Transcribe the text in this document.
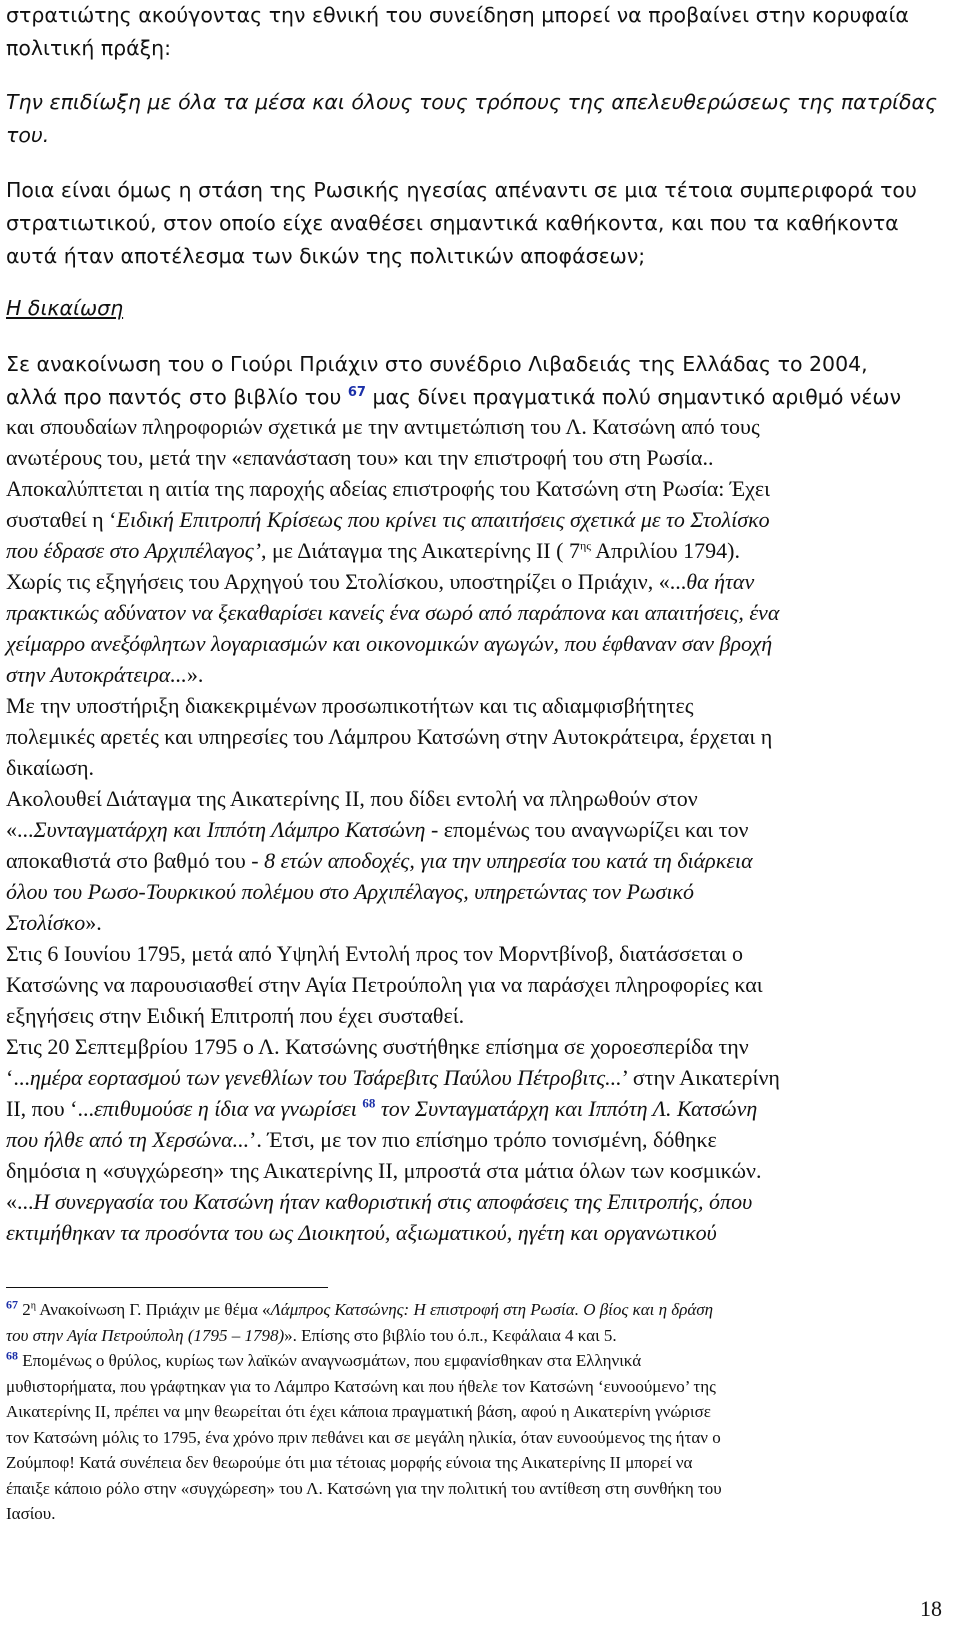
στρατιώτης ακούγοντας την εθνική του συνείδηση μπορεί να προβαίνει στην κορυφαία
πολιτική πράξη:
Την επιδίωξη με όλα τα μέσα και όλους τους τρόπους της απελευθερώσεως της πατρίδας
του.
Ποια είναι όμως η στάση της Ρωσικής ηγεσίας απέναντι σε μια τέτοια συμπεριφορά του
στρατιωτικού, στον οποίο είχε αναθέσει σημαντικά καθήκοντα, και που τα καθήκοντα
αυτά ήταν αποτέλεσμα των δικών της πολιτικών αποφάσεων;
Η δικαίωση
Σε ανακοίνωση του ο Γιούρι Πριάχιν στο συνέδριο Λιβαδειάς της Ελλάδας το 2004,
αλλά προ παντός στο βιβλίο του $^{67}$ μας δίνει πραγματικά πολύ σημαντικό αριθμό νέων
και σπουδαίων πληροφοριών σχετικά με την αντιμετώπιση του Λ. Κατσώνη από τους
ανωτέρους του, μετά την «επανάσταση του» και την επιστροφή του στη Ρωσία..
Αποκαλύπτεται η αιτία της παροχής αδείας επιστροφής του Κατσώνη στη Ρωσία: Έχει
συσταθεί η ‘Ειδική Επιτροπή Κρίσεως που κρίνει τις απαιτήσεις σχετικά με το Στολίσκο
που έδρασε στο Αρχιπέλαγος’, με Διάταγμα της Αικατερίνης ΙΙ ( $7^{\eta\varsigma}$ Απριλίου 1794).
Χωρίς τις εξηγήσεις του Αρχηγού του Στολίσκου, υποστηρίζει ο Πριάχιν, «...θα ήταν
πρακτικώς αδύνατον να ξεκαθαρίσει κανείς ένα σωρό από παράπονα και απαιτήσεις, ένα
χείμαρρο ανεξόφλητων λογαριασμών και οικονομικών αγωγών, που έφθαναν σαν βροχή
στην Αυτοκράτειρα...».
Με την υποστήριξη διακεκριμένων προσωπικοτήτων και τις αδιαμφισβήτητες
πολεμικές αρετές και υπηρεσίες του Λάμπρου Κατσώνη στην Αυτοκράτειρα, έρχεται η
δικαίωση.
Ακολουθεί Διάταγμα της Αικατερίνης ΙΙ, που δίδει εντολή να πληρωθούν στον
«...Συνταγματάρχη και Ιππότη Λάμπρο Κατσώνη - επομένως του αναγνωρίζει και τον
αποκαθιστά στο βαθμό του - 8 ετών αποδοχές, για την υπηρεσία του κατά τη διάρκεια
όλου του Ρωσο-Τουρκικού πολέμου στο Αρχιπέλαγος, υπηρετώντας τον Ρωσικό
Στολίσκο».
Στις 6 Ιουνίου 1795, μετά από Υψηλή Εντολή προς τον Μορντβίνοβ, διατάσσεται ο
Κατσώνης να παρουσιασθεί στην Αγία Πετρούπολη για να παράσχει πληροφορίες και
εξηγήσεις στην Ειδική Επιτροπή που έχει συσταθεί.
Στις 20 Σεπτεμβρίου 1795 ο Λ. Κατσώνης συστήθηκε επίσημα σε χοροεσπερίδα την
‘...ημέρα εορτασμού των γενεθλίων του Τσάρεβιτς Παύλου Πέτροβιτς...’ στην Αικατερίνη
ΙΙ, που ‘...επιθυμούσε η ίδια να γνωρίσει $^{68}$ τον Συνταγματάρχη και Ιππότη Λ. Κατσώνη
που ήλθε από τη Χερσώνα...’. Έτσι, με τον πιο επίσημο τρόπο τονισμένη, δόθηκε
δημόσια η «συγχώρεση» της Αικατερίνης ΙΙ, μπροστά στα μάτια όλων των κοσμικών.
«...Η συνεργασία του Κατσώνη ήταν καθοριστική στις αποφάσεις της Επιτροπής, όπου
εκτιμήθηκαν τα προσόντα του ως Διοικητού, αξιωματικού, ηγέτη και οργανωτικού
$^{67}$ $2^\eta$ Ανακοίνωση Γ. Πριάχιν με θέμα «Λάμπρος Κατσώνης: Η επιστροφή στη Ρωσία. Ο βίος και η δράση
του στην Αγία Πετρούπολη (1795 – 1798)». Επίσης στο βιβλίο του ό.π., Κεφάλαια 4 και 5.
$^{68}$ Επομένως ο θρύλος, κυρίως των λαϊκών αναγνωσμάτων, που εμφανίσθηκαν στα Ελληνικά
μυθιστορήματα, που γράφτηκαν για το Λάμπρο Κατσώνη και που ήθελε τον Κατσώνη ‘ευνοούμενο’ της
Αικατερίνης ΙΙ, πρέπει να μην θεωρείται ότι έχει κάποια πραγματική βάση, αφού η Αικατερίνη γνώρισε
τον Κατσώνη μόλις το 1795, ένα χρόνο πριν πεθάνει και σε μεγάλη ηλικία, όταν ευνοούμενος της ήταν ο
Ζούμποφ! Κατά συνέπεια δεν θεωρούμε ότι μια τέτοιας μορφής εύνοια της Αικατερίνης ΙΙ μπορεί να
έπαιξε κάποιο ρόλο στην «συγχώρεση» του Λ. Κατσώνη για την πολιτική του αντίθεση στη συνθήκη του
Ιασίου.
18
